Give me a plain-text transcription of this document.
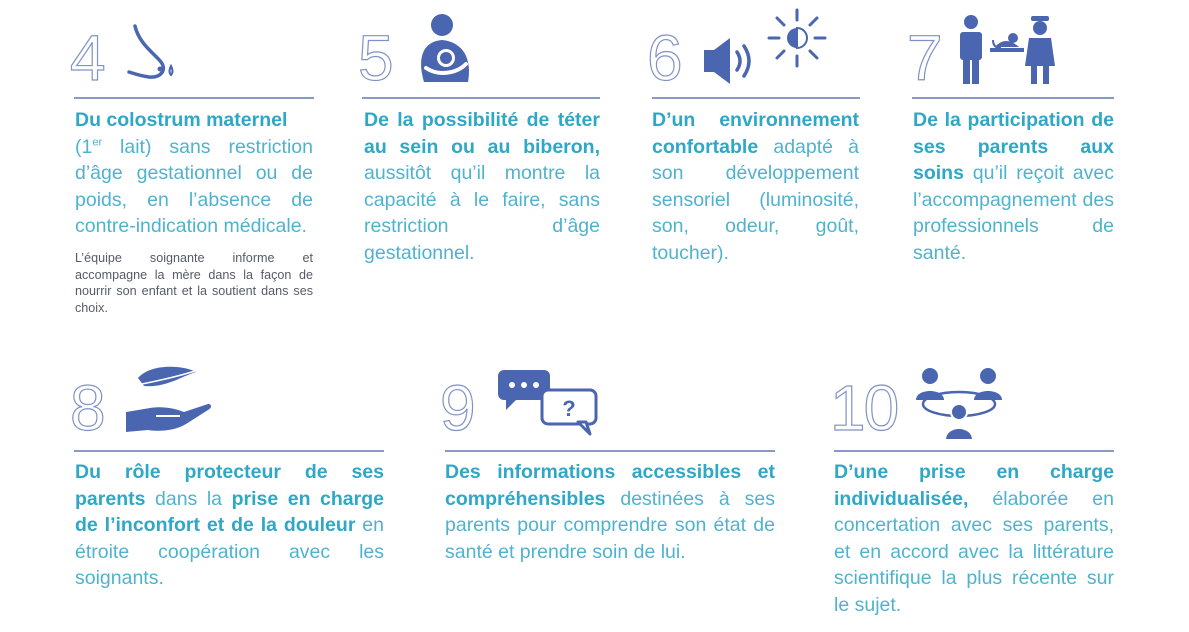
4
Du colostrum maternel
(1er lait) sans restriction d’âge gestationnel ou de poids, en l’absence de contre-indication médicale.
L’équipe soignante informe et accompagne la mère dans la façon de nourrir son enfant et la soutient dans ses choix.
5
De la possibilité de téter au sein ou au biberon, aussitôt qu’il montre la capacité à le faire, sans restriction d’âge gestationnel.
6
D’un environnement confortable adapté à son développement sensoriel (luminosité, son, odeur, goût, toucher).
7
De la participation de ses parents aux soins qu’il reçoit avec l’accompagnement des professionnels de santé.
8
Du rôle protecteur de ses parents dans la prise en charge de l’inconfort et de la douleur en étroite coopération avec les soignants.
9	?
Des informations accessibles et compréhensibles destinées à ses parents pour comprendre son état de santé et prendre soin de lui.
10
D’une prise en charge individualisée, élaborée en concertation avec ses parents, et en accord avec la littérature scientifique la plus récente sur le sujet.
